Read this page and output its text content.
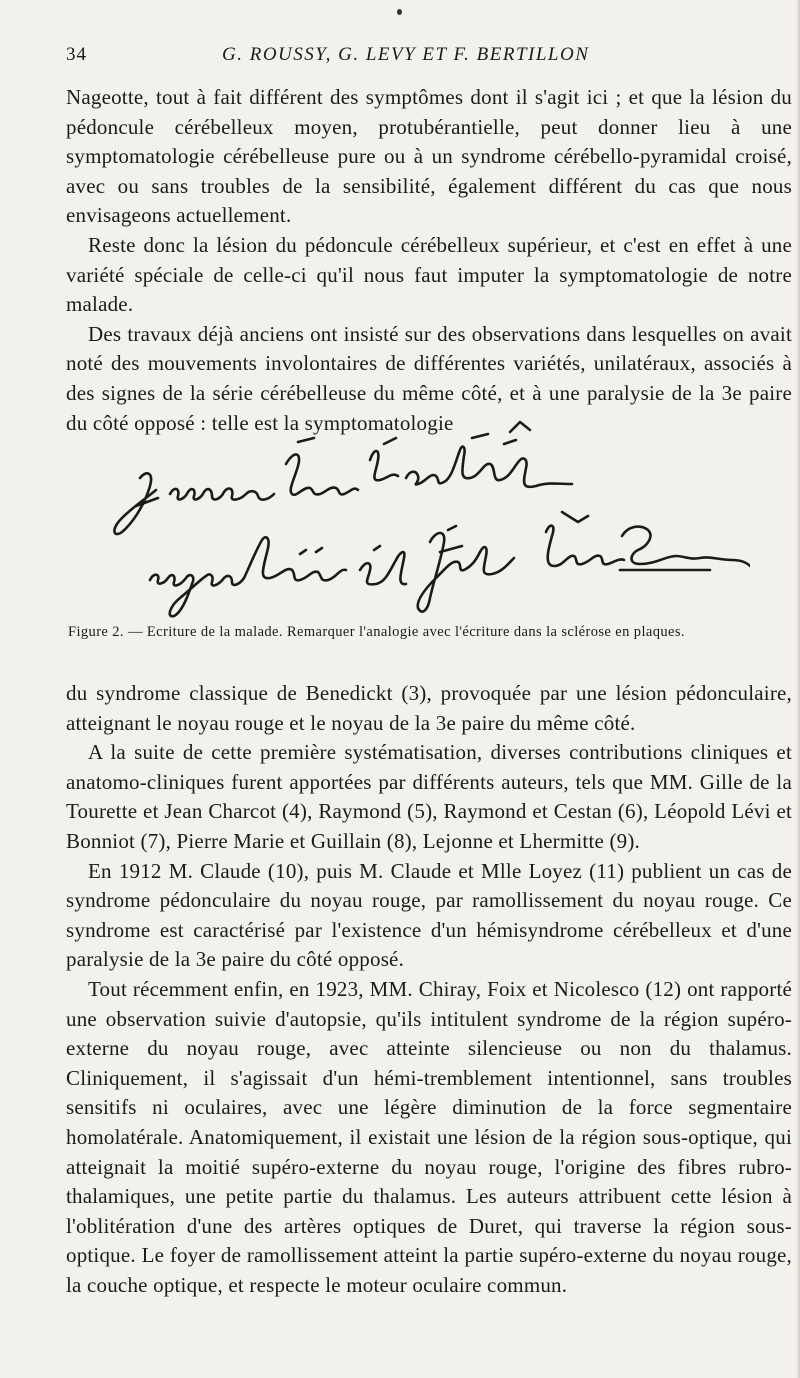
34	G. ROUSSY, G. LEVY ET F. BERTILLON

Nageotte, tout à fait différent des symptômes dont il s'agit ici ; et que la lésion du pédoncule cérébelleux moyen, protubérantielle, peut donner lieu à une symptomatologie cérébelleuse pure ou à un syndrome cérébello-pyramidal croisé, avec ou sans troubles de la sensibilité, également différent du cas que nous envisageons actuellement.

Reste donc la lésion du pédoncule cérébelleux supérieur, et c'est en effet à une variété spéciale de celle-ci qu'il nous faut imputer la symptomatologie de notre malade.

Des travaux déjà anciens ont insisté sur des observations dans lesquelles on avait noté des mouvements involontaires de différentes variétés, unilatéraux, associés à des signes de la série cérébelleuse du même côté, et à une paralysie de la 3e paire du côté opposé : telle est la symptomatologie

Figure 2. — Ecriture de la malade. Remarquer l'analogie avec l'écriture dans la sclérose en plaques.

du syndrome classique de Benedickt (3), provoquée par une lésion pédonculaire, atteignant le noyau rouge et le noyau de la 3e paire du même côté.

A la suite de cette première systématisation, diverses contributions cliniques et anatomo-cliniques furent apportées par différents auteurs, tels que MM. Gille de la Tourette et Jean Charcot (4), Raymond (5), Raymond et Cestan (6), Léopold Lévi et Bonniot (7), Pierre Marie et Guillain (8), Lejonne et Lhermitte (9).

En 1912 M. Claude (10), puis M. Claude et Mlle Loyez (11) publient un cas de syndrome pédonculaire du noyau rouge, par ramollissement du noyau rouge. Ce syndrome est caractérisé par l'existence d'un hémisyndrome cérébelleux et d'une paralysie de la 3e paire du côté opposé.

Tout récemment enfin, en 1923, MM. Chiray, Foix et Nicolesco (12) ont rapporté une observation suivie d'autopsie, qu'ils intitulent syndrome de la région supéro-externe du noyau rouge, avec atteinte silencieuse ou non du thalamus. Cliniquement, il s'agissait d'un hémi-tremblement intentionnel, sans troubles sensitifs ni oculaires, avec une légère diminution de la force segmentaire homolatérale. Anatomiquement, il existait une lésion de la région sous-optique, qui atteignait la moitié supéro-externe du noyau rouge, l'origine des fibres rubro-thalamiques, une petite partie du thalamus. Les auteurs attribuent cette lésion à l'oblitération d'une des artères optiques de Duret, qui traverse la région sous-optique. Le foyer de ramollissement atteint la partie supéro-externe du noyau rouge, la couche optique, et respecte le moteur oculaire commun.
